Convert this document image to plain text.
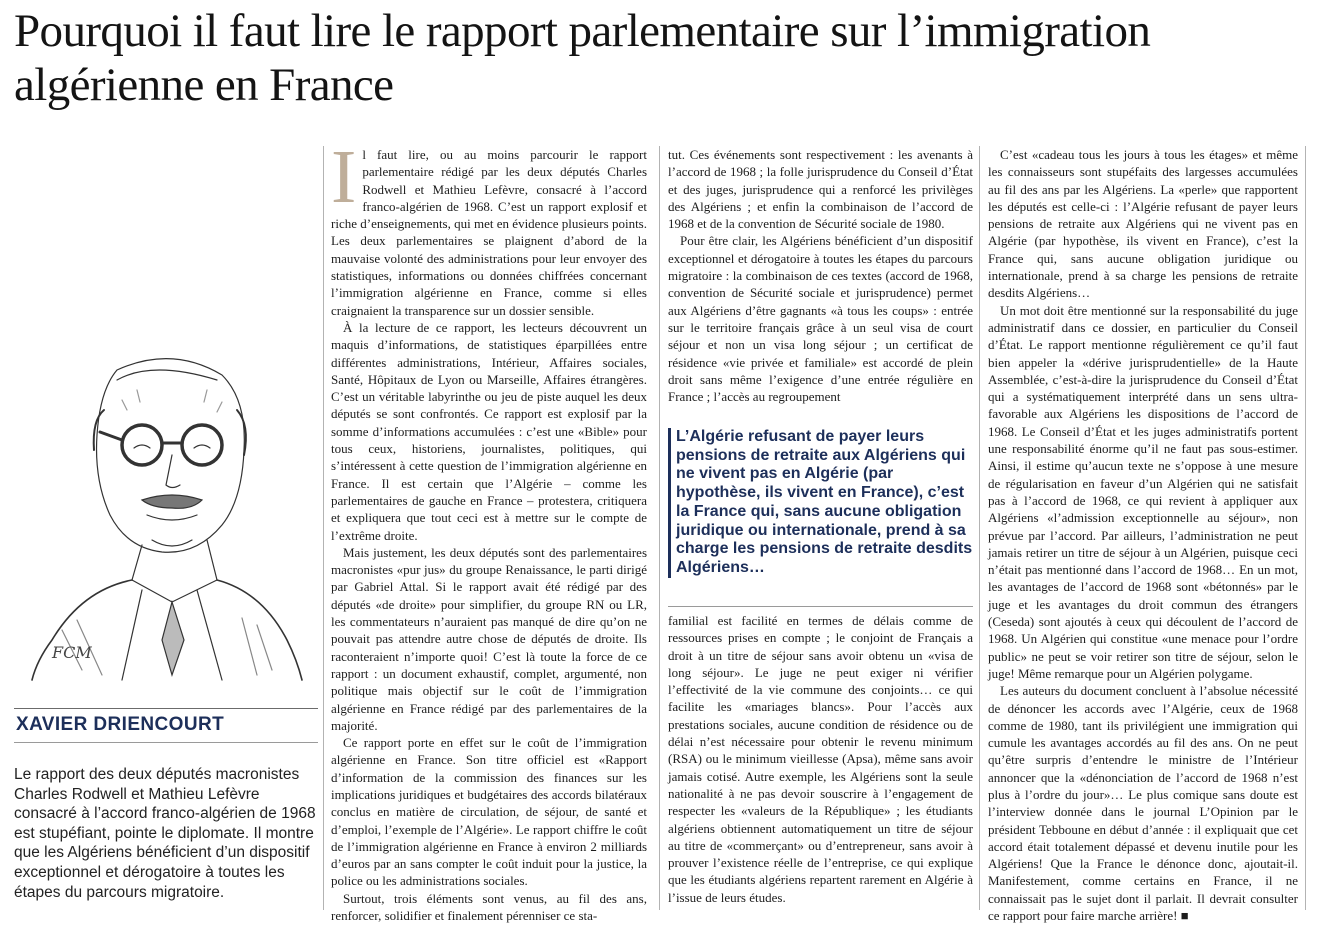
Pourquoi il faut lire le rapport parlementaire sur l’immigration algérienne en France
FCM
XAVIER DRIENCOURT
Le rapport des deux députés macronistes Charles Rodwell et Mathieu Lefèvre consacré à l’accord franco-algérien de 1968 est stupéfiant, pointe le diplomate. Il montre que les Algériens bénéficient d’un dispositif exceptionnel et dérogatoire à toutes les étapes du parcours migratoire.

Il faut lire, ou au moins parcourir le rapport parlementaire rédigé par les deux députés Charles Rodwell et Mathieu Lefèvre, consacré à l’accord franco-algérien de 1968. C’est un rapport explosif et riche d’enseignements, qui met en évidence plusieurs points. Les deux parlementaires se plaignent d’abord de la mauvaise volonté des administrations pour leur envoyer des statistiques, informations ou données chiffrées concernant l’immigration algérienne en France, comme si elles craignaient la transparence sur un dossier sensible.

À la lecture de ce rapport, les lecteurs découvrent un maquis d’informations, de statistiques éparpillées entre différentes administrations, Intérieur, Affaires sociales, Santé, Hôpitaux de Lyon ou Marseille, Affaires étrangères. C’est un véritable labyrinthe ou jeu de piste auquel les deux députés se sont confrontés. Ce rapport est explosif par la somme d’informations accumulées : c’est une «Bible» pour tous ceux, historiens, journalistes, politiques, qui s’intéressent à cette question de l’immigration algérienne en France. Il est certain que l’Algérie – comme les parlementaires de gauche en France – protestera, critiquera et expliquera que tout ceci est à mettre sur le compte de l’extrême droite.

Mais justement, les deux députés sont des parlementaires macronistes «pur jus» du groupe Renaissance, le parti dirigé par Gabriel Attal. Si le rapport avait été rédigé par des députés «de droite» pour simplifier, du groupe RN ou LR, les commentateurs n’auraient pas manqué de dire qu’on ne pouvait pas attendre autre chose de députés de droite. Ils raconteraient n’importe quoi! C’est là toute la force de ce rapport : un document exhaustif, complet, argumenté, non politique mais objectif sur le coût de l’immigration algérienne en France rédigé par des parlementaires de la majorité.

Ce rapport porte en effet sur le coût de l’immigration algérienne en France. Son titre officiel est «Rapport d’information de la commission des finances sur les implications juridiques et budgétaires des accords bilatéraux conclus en matière de circulation, de séjour, de santé et d’emploi, l’exemple de l’Algérie». Le rapport chiffre le coût de l’immigration algérienne en France à environ 2 milliards d’euros par an sans compter le coût induit pour la justice, la police ou les administrations sociales.

Surtout, trois éléments sont venus, au fil des ans, renforcer, solidifier et finalement pérenniser ce sta-

tut. Ces événements sont respectivement : les avenants à l’accord de 1968 ; la folle jurisprudence du Conseil d’État et des juges, jurisprudence qui a renforcé les privilèges des Algériens ; et enfin la combinaison de l’accord de 1968 et de la convention de Sécurité sociale de 1980.

Pour être clair, les Algériens bénéficient d’un dispositif exceptionnel et dérogatoire à toutes les étapes du parcours migratoire : la combinaison de ces textes (accord de 1968, convention de Sécurité sociale et jurisprudence) permet aux Algériens d’être gagnants «à tous les coups» : entrée sur le territoire français grâce à un seul visa de court séjour et non un visa long séjour ; un certificat de résidence «vie privée et familiale» est accordé de plein droit sans même l’exigence d’une entrée régulière en France ; l’accès au regroupement

L’Algérie refusant de payer leurs pensions de retraite aux Algériens qui ne vivent pas en Algérie (par hypothèse, ils vivent en France), c’est la France qui, sans aucune obligation juridique ou internationale, prend à sa charge les pensions de retraite desdits Algériens…

familial est facilité en termes de délais comme de ressources prises en compte ; le conjoint de Français a droit à un titre de séjour sans avoir obtenu un «visa de long séjour». Le juge ne peut exiger ni vérifier l’effectivité de la vie commune des conjoints… ce qui facilite les «mariages blancs». Pour l’accès aux prestations sociales, aucune condition de résidence ou de délai n’est nécessaire pour obtenir le revenu minimum (RSA) ou le minimum vieillesse (Apsa), même sans avoir jamais cotisé. Autre exemple, les Algériens sont la seule nationalité à ne pas devoir souscrire à l’engagement de respecter les «valeurs de la République» ; les étudiants algériens obtiennent automatiquement un titre de séjour au titre de «commerçant» ou d’entrepreneur, sans avoir à prouver l’existence réelle de l’entreprise, ce qui explique que les étudiants algériens repartent rarement en Algérie à l’issue de leurs études.

C’est «cadeau tous les jours à tous les étages» et même les connaisseurs sont stupéfaits des largesses accumulées au fil des ans par les Algériens. La «perle» que rapportent les députés est celle-ci : l’Algérie refusant de payer leurs pensions de retraite aux Algériens qui ne vivent pas en Algérie (par hypothèse, ils vivent en France), c’est la France qui, sans aucune obligation juridique ou internationale, prend à sa charge les pensions de retraite desdits Algériens…

Un mot doit être mentionné sur la responsabilité du juge administratif dans ce dossier, en particulier du Conseil d’État. Le rapport mentionne régulièrement ce qu’il faut bien appeler la «dérive jurisprudentielle» de la Haute Assemblée, c’est-à-dire la jurisprudence du Conseil d’État qui a systématiquement interprété dans un sens ultra-favorable aux Algériens les dispositions de l’accord de 1968. Le Conseil d’État et les juges administratifs portent une responsabilité énorme qu’il ne faut pas sous-estimer. Ainsi, il estime qu’aucun texte ne s’oppose à une mesure de régularisation en faveur d’un Algérien qui ne satisfait pas à l’accord de 1968, ce qui revient à appliquer aux Algériens «l’admission exceptionnelle au séjour», non prévue par l’accord. Par ailleurs, l’administration ne peut jamais retirer un titre de séjour à un Algérien, puisque ceci n’était pas mentionné dans l’accord de 1968… En un mot, les avantages de l’accord de 1968 sont «bétonnés» par le juge et les avantages du droit commun des étrangers (Ceseda) sont ajoutés à ceux qui découlent de l’accord de 1968. Un Algérien qui constitue «une menace pour l’ordre public» ne peut se voir retirer son titre de séjour, selon le juge! Même remarque pour un Algérien polygame.

Les auteurs du document concluent à l’absolue nécessité de dénoncer les accords avec l’Algérie, ceux de 1968 comme de 1980, tant ils privilégient une immigration qui cumule les avantages accordés au fil des ans. On ne peut qu’être surpris d’entendre le ministre de l’Intérieur annoncer que la «dénonciation de l’accord de 1968 n’est plus à l’ordre du jour»… Le plus comique sans doute est l’interview donnée dans le journal L’Opinion par le président Tebboune en début d’année : il expliquait que cet accord était totalement dépassé et devenu inutile pour les Algériens! Que la France le dénonce donc, ajoutait-il. Manifestement, comme certains en France, il ne connaissait pas le sujet dont il parlait. Il devrait consulter ce rapport pour faire marche arrière! ■
